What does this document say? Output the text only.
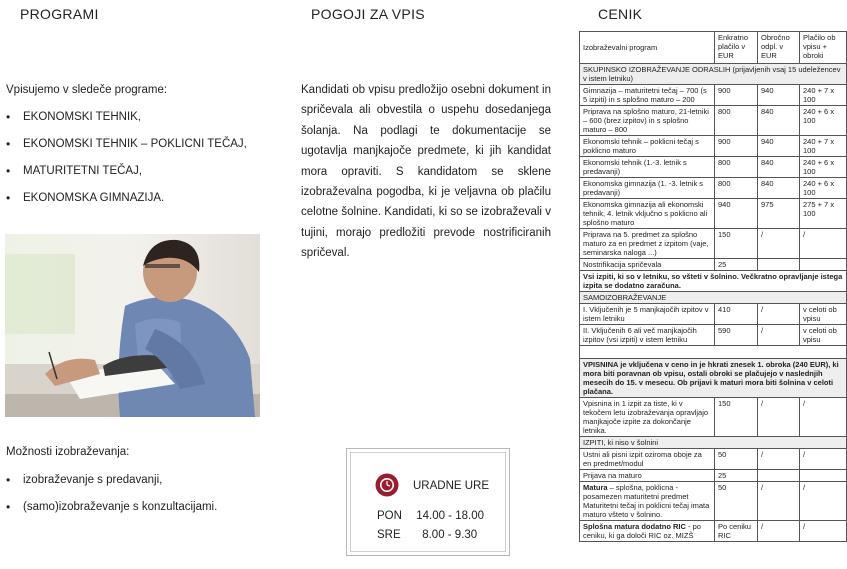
PROGRAMI	POGOJI ZA VPIS	CENIK
Vpisujemo v sledeče programe:
• EKONOMSKI TEHNIK,
• EKONOMSKI TEHNIK – POKLICNI TEČAJ,
• MATURITETNI TEČAJ,
• EKONOMSKA GIMNAZIJA.
Možnosti izobraževanja:
• izobraževanje s predavanji,
• (samo)izobraževanje s konzultacijami.
Kandidati ob vpisu predložijo osebni dokument in spričevala ali obvestila o uspehu dosedanjega šolanja. Na podlagi te dokumentacije se ugotavlja manjkajoče predmete, ki jih kandidat mora opraviti. S kandidatom se sklene izobraževalna pogodba, ki je veljavna ob plačilu celotne šolnine. Kandidati, ki so se izobraževali v tujini, morajo predložiti prevode nostrificiranih spričeval.
URADNE URE
PON 14.00 - 18.00
SRE 8.00 - 9.30
Izobraževalni program	Enkratno plačilo v EUR	Obročno odpl. v EUR	Plačilo ob vpisu + obroki
SKUPINSKO IZOBRAŽEVANJE ODRASLIH (prijavljenih vsaj 15 udeležencev v istem letniku)			
Gimnazija – maturitetni tečaj – 700 (s 5 izpiti) in s splošno maturo – 200	900	940	240 + 7 x 100
Priprava na splošno maturo, 21-letniki – 600 (brez izpitov) in s splošno maturo – 800	800	840	240 + 6 x 100
Ekonomski tehnik – poklicni tečaj s poklicno maturo	900	940	240 + 7 x 100
Ekonomski tehnik (1.-3. letnik s predavanji)	800	840	240 + 6 x 100
Ekonomska gimnazija (1. -3. letnik s predavanji)	800	840	240 + 6 x 100
Ekonomska gimnazija ali ekonomski tehnik, 4. letnik vključno s poklicno ali splošno maturo	940	975	275 + 7 x 100
Priprava na 5. predmet za splošno maturo za en predmet z izpitom (vaje, seminarska naloga ...)	150	/	/
Nostrifikacija spričevala	25		
Vsi izpiti, ki so v letniku, so všteti v šolnino. Večkratno opravljanje istega izpita se dodatno zaračuna.			
SAMOIZOBRAŽEVANJE			
I. Vključenih je 5 manjkajočih izpitov v istem letniku	410	/	v celoti ob vpisu
II. Vključenih 6 ali več manjkajočih izpitov (vsi izpiti) v istem letniku	590	/	v celoti ob vpisu

VPISNINA je vključena v ceno in je hkrati znesek 1. obroka (240 EUR), ki mora biti poravnan ob vpisu, ostali obroki se plačujejo v naslednjih mesecih do 15. v mesecu. Ob prijavi k maturi mora biti šolnina v celoti plačana.			
Vpisnina in 1 izpit za tiste, ki v tekočem letu izobraževanja opravljajo manjkajoče izpite za dokončanje letnika.	150	/	/
IZPITI, ki niso v šolnini			
Ustni ali pisni izpit oziroma oboje za en predmet/modul	50	/	/
Prijava na maturo	25		
Matura – splošna, poklicna - posamezen maturitetni predmet Maturitetni tečaj in poklicni tečaj imata maturo všteto v šolnino.	50	/	/
Splošna matura dodatno RIC - po ceniku, ki ga določi RIC oz. MIZŠ	Po ceniku RIC	/	/
